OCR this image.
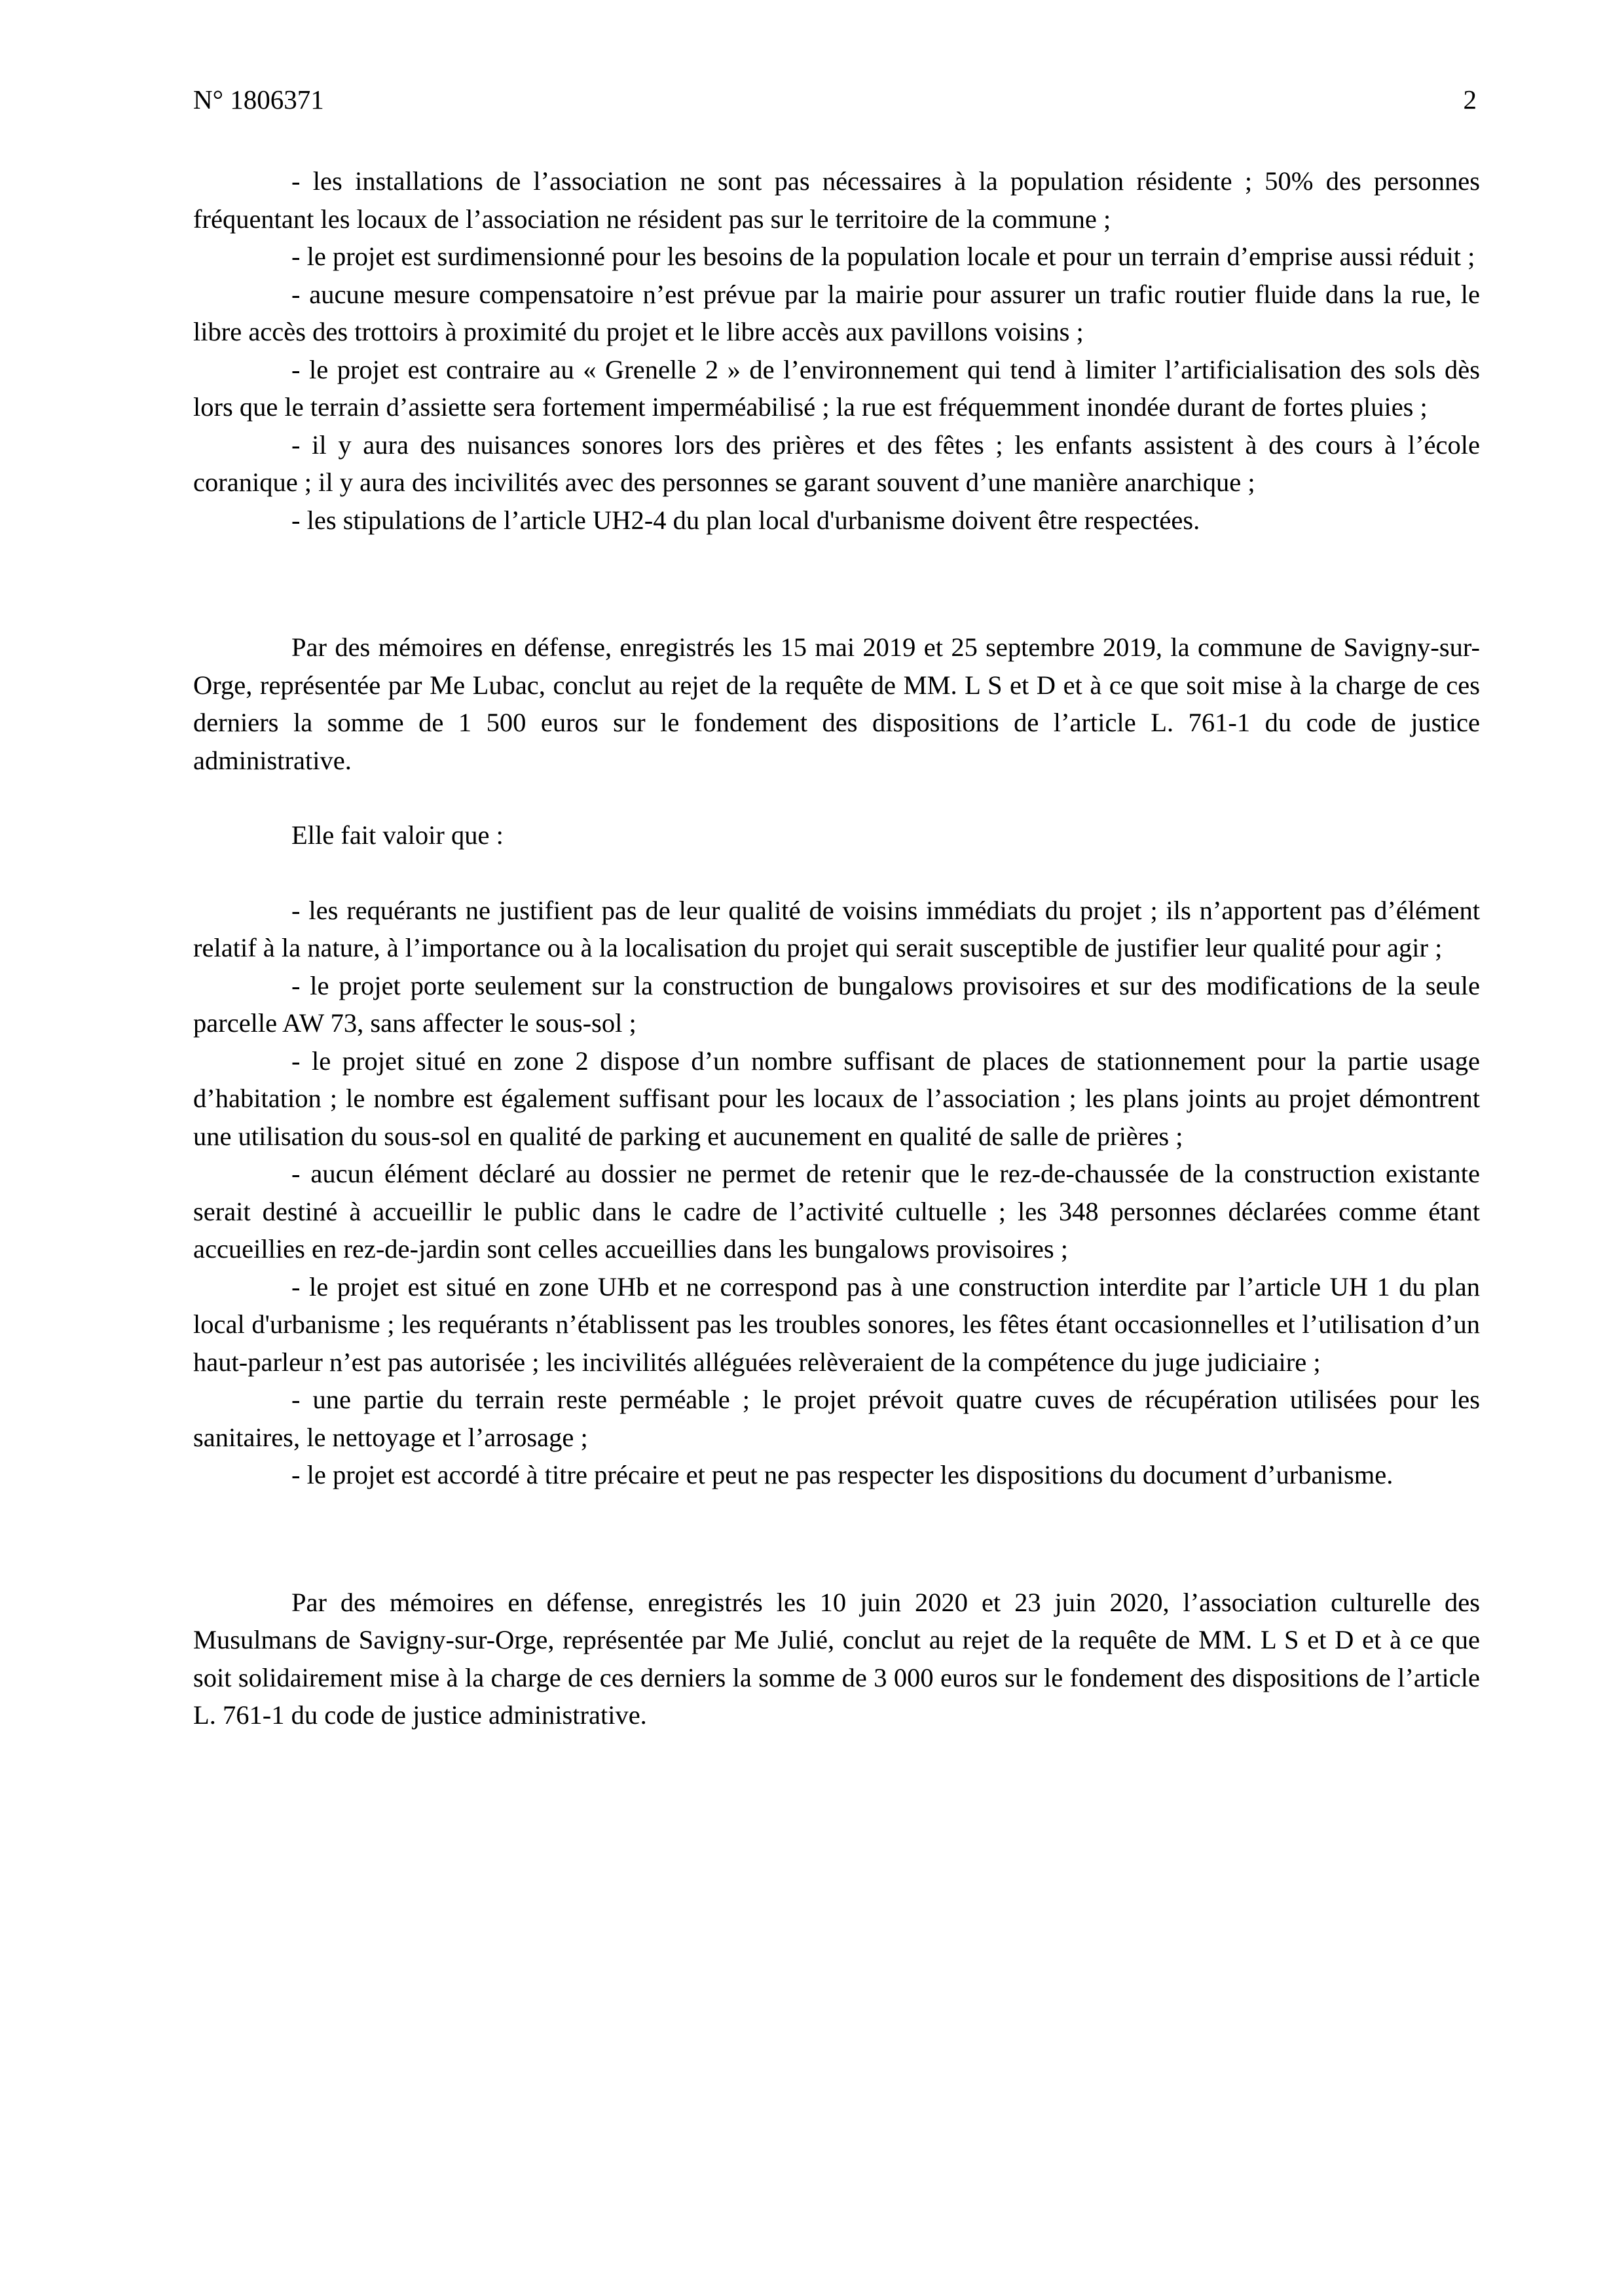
N° 1806371	2

- les installations de l’association ne sont pas nécessaires à la population résidente ; 50% des personnes fréquentant les locaux de l’association ne résident pas sur le territoire de la commune ;

- le projet est surdimensionné pour les besoins de la population locale et pour un terrain d’emprise aussi réduit ;

- aucune mesure compensatoire n’est prévue par la mairie pour assurer un trafic routier fluide dans la rue, le libre accès des trottoirs à proximité du projet et le libre accès aux pavillons voisins ;

- le projet est contraire au « Grenelle 2 » de l’environnement qui tend à limiter l’artificialisation des sols dès lors que le terrain d’assiette sera fortement imperméabilisé ; la rue est fréquemment inondée durant de fortes pluies ;

- il y aura des nuisances sonores lors des prières et des fêtes ; les enfants assistent à des cours à l’école coranique ; il y aura des incivilités avec des personnes se garant souvent d’une manière anarchique ;

- les stipulations de l’article UH2-4 du plan local d'urbanisme doivent être respectées.

Par des mémoires en défense, enregistrés les 15 mai 2019 et 25 septembre 2019, la commune de Savigny-sur-Orge, représentée par Me Lubac, conclut au rejet de la requête de MM. L S et D et à ce que soit mise à la charge de ces derniers la somme de 1 500 euros sur le fondement des dispositions de l’article L. 761-1 du code de justice administrative.

Elle fait valoir que :

- les requérants ne justifient pas de leur qualité de voisins immédiats du projet ; ils n’apportent pas d’élément relatif à la nature, à l’importance ou à la localisation du projet qui serait susceptible de justifier leur qualité pour agir ;

- le projet porte seulement sur la construction de bungalows provisoires et sur des modifications de la seule parcelle AW 73, sans affecter le sous-sol ;

- le projet situé en zone 2 dispose d’un nombre suffisant de places de stationnement pour la partie usage d’habitation ; le nombre est également suffisant pour les locaux de l’association ; les plans joints au projet démontrent une utilisation du sous-sol en qualité de parking et aucunement en qualité de salle de prières ;

- aucun élément déclaré au dossier ne permet de retenir que le rez-de-chaussée de la construction existante serait destiné à accueillir le public dans le cadre de l’activité cultuelle ; les 348 personnes déclarées comme étant accueillies en rez-de-jardin sont celles accueillies dans les bungalows provisoires ;

- le projet est situé en zone UHb et ne correspond pas à une construction interdite par l’article UH 1 du plan local d'urbanisme ; les requérants n’établissent pas les troubles sonores, les fêtes étant occasionnelles et l’utilisation d’un haut-parleur n’est pas autorisée ; les incivilités alléguées relèveraient de la compétence du juge judiciaire ;

- une partie du terrain reste perméable ; le projet prévoit quatre cuves de récupération utilisées pour les sanitaires, le nettoyage et l’arrosage ;

- le projet est accordé à titre précaire et peut ne pas respecter les dispositions du document d’urbanisme.

Par des mémoires en défense, enregistrés les 10 juin 2020 et 23 juin 2020, l’association culturelle des Musulmans de Savigny-sur-Orge, représentée par Me Julié, conclut au rejet de la requête de MM. L S et D et à ce que soit solidairement mise à la charge de ces derniers la somme de 3 000 euros sur le fondement des dispositions de l’article L. 761-1 du code de justice administrative.
